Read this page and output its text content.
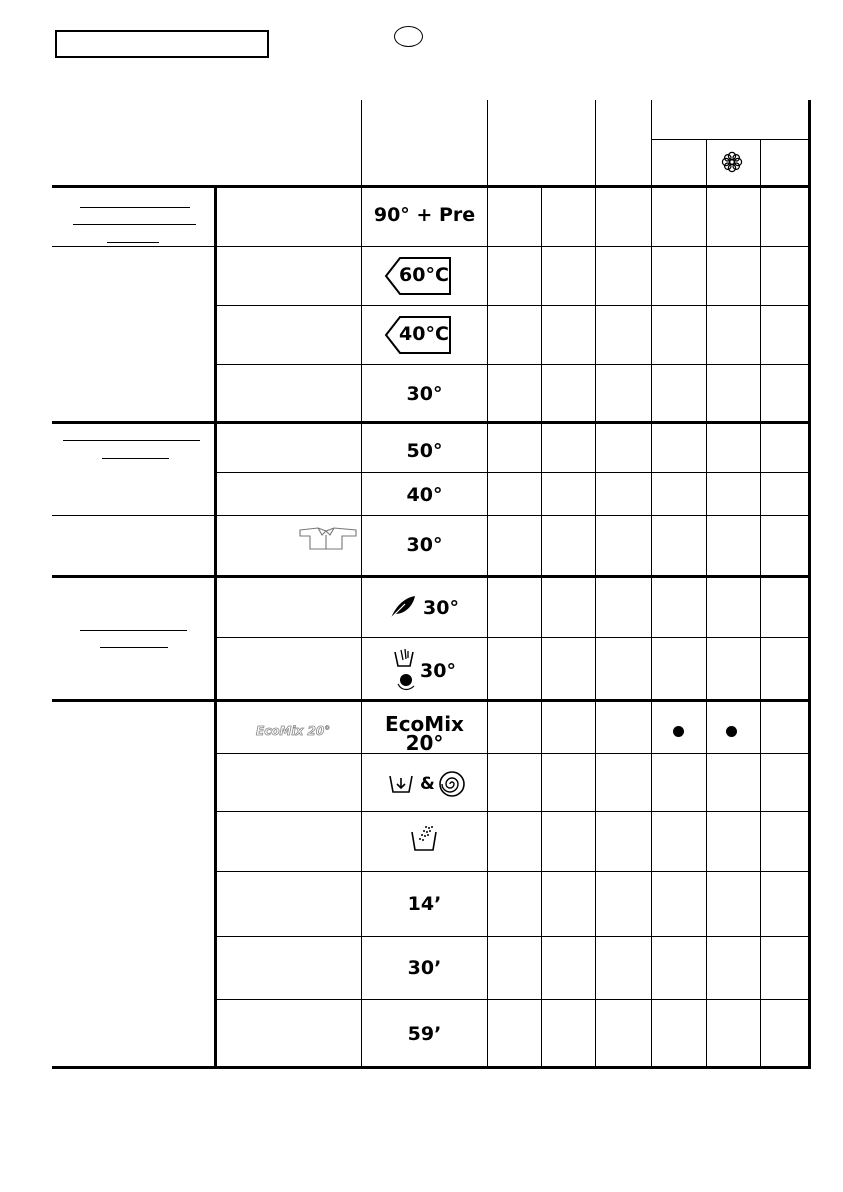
90° + Pre
60°C
40°C
30°
50°
40°
30°
30°
30°
EcoMix 20°	EcoMix
20°
&
14’
30’
59’
